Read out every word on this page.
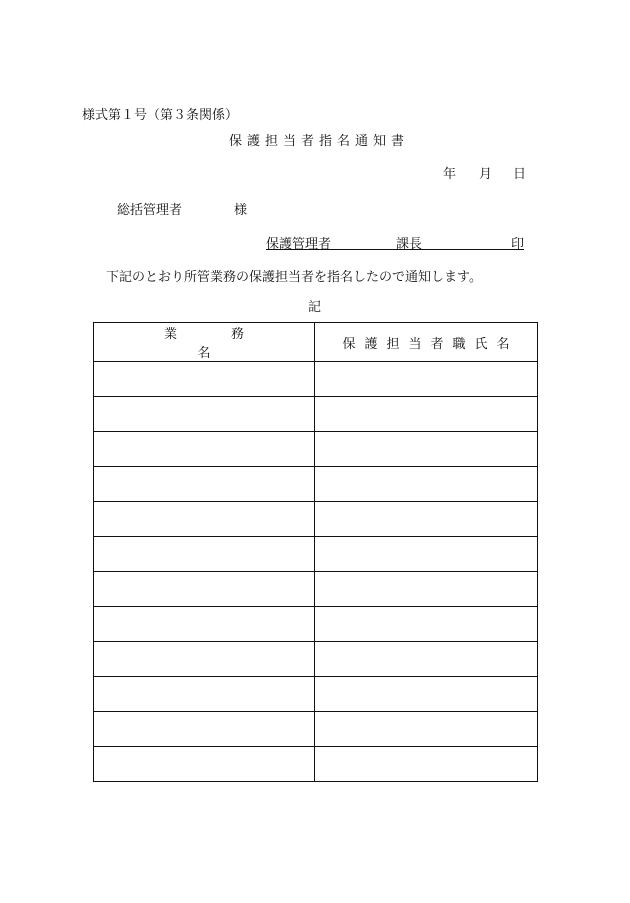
様式第１号（第３条関係）
保護担当者指名通知書
年 月 日
総括管理者	様
保護管理者	課長	印
下記のとおり所管業務の保護担当者を指名したので通知します。
記
業務名	保護担当者職氏名
